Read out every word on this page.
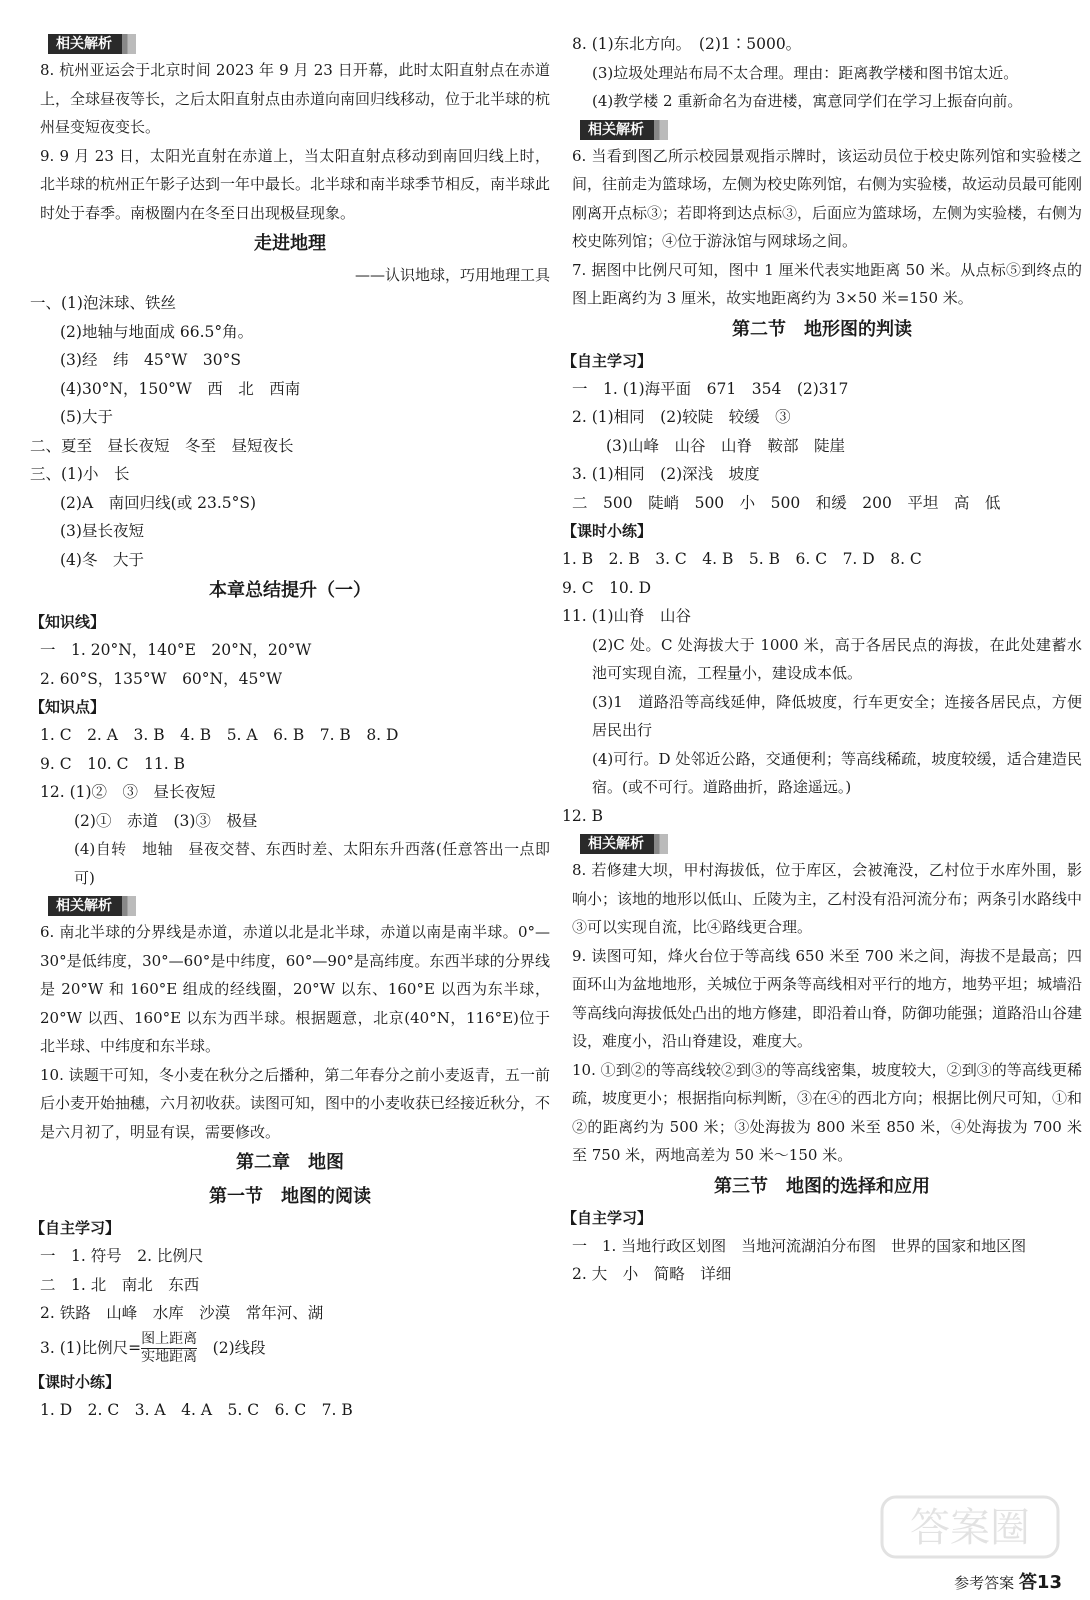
相关解析
8. 杭州亚运会于北京时间 2023 年 9 月 23 日开幕，此时太阳直射点在赤道上，全球昼夜等长，之后太阳直射点由赤道向南回归线移动，位于北半球的杭州昼变短夜变长。
9. 9 月 23 日，太阳光直射在赤道上，当太阳直射点移动到南回归线上时，北半球的杭州正午影子达到一年中最长。北半球和南半球季节相反，南半球此时处于春季。南极圈内在冬至日出现极昼现象。
走进地理
——认识地球，巧用地理工具
一、(1)泡沫球、铁丝
(2)地轴与地面成 66.5°角。
(3)经　纬　45°W　30°S
(4)30°N，150°W　西　北　西南
(5)大于
二、夏至　昼长夜短　冬至　昼短夜长
三、(1)小　长
(2)A　南回归线(或 23.5°S)
(3)昼长夜短
(4)冬　大于
本章总结提升（一）
【知识线】
一　1. 20°N，140°E　20°N，20°W
2. 60°S，135°W　60°N，45°W
【知识点】
1. C　2. A　3. B　4. B　5. A　6. B　7. B　8. D
9. C　10. C　11. B
12. (1)②　③　昼长夜短
(2)①　赤道　(3)③　极昼
(4)自转　地轴　昼夜交替、东西时差、太阳东升西落(任意答出一点即可)
相关解析
6. 南北半球的分界线是赤道，赤道以北是北半球，赤道以南是南半球。0°—30°是低纬度，30°—60°是中纬度，60°—90°是高纬度。东西半球的分界线是 20°W 和 160°E 组成的经线圈，20°W 以东、160°E 以西为东半球，20°W 以西、160°E 以东为西半球。根据题意，北京(40°N，116°E)位于北半球、中纬度和东半球。
10. 读题干可知，冬小麦在秋分之后播种，第二年春分之前小麦返青，五一前后小麦开始抽穗，六月初收获。读图可知，图中的小麦收获已经接近秋分，不是六月初了，明显有误，需要修改。
第二章　地图
第一节　地图的阅读
【自主学习】
一　1. 符号　2. 比例尺
二　1. 北　南北　东西
2. 铁路　山峰　水库　沙漠　常年河、湖
3. (1)比例尺= $\frac{\text{图上距离}}{\text{实地距离}}$ 　(2)线段
【课时小练】
1. D　2. C　3. A　4. A　5. C　6. C　7. B
8. (1)东北方向。　(2)1∶5000。
(3)垃圾处理站布局不太合理。理由：距离教学楼和图书馆太近。
(4)教学楼 2 重新命名为奋进楼，寓意同学们在学习上振奋向前。
相关解析
6. 当看到图乙所示校园景观指示牌时，该运动员位于校史陈列馆和实验楼之间，往前走为篮球场，左侧为校史陈列馆，右侧为实验楼，故运动员最可能刚刚离开点标③；若即将到达点标③，后面应为篮球场，左侧为实验楼，右侧为校史陈列馆；④位于游泳馆与网球场之间。
7. 据图中比例尺可知，图中 1 厘米代表实地距离 50 米。从点标⑤到终点的图上距离约为 3 厘米，故实地距离约为 3×50 米=150 米。
第二节　地形图的判读
【自主学习】
一　1. (1)海平面　671　354　(2)317
2. (1)相同　(2)较陡　较缓　③
(3)山峰　山谷　山脊　鞍部　陡崖
3. (1)相同　(2)深浅　坡度
二　500　陡峭　500　小　500　和缓　200　平坦　高　低
【课时小练】
1. B　2. B　3. C　4. B　5. B　6. C　7. D　8. C
9. C　10. D
11. (1)山脊　山谷
(2)C 处。C 处海拔大于 1000 米，高于各居民点的海拔，在此处建蓄水池可实现自流，工程量小，建设成本低。
(3)1　道路沿等高线延伸，降低坡度，行车更安全；连接各居民点，方便居民出行
(4)可行。D 处邻近公路，交通便利；等高线稀疏，坡度较缓，适合建造民宿。(或不可行。道路曲折，路途遥远。)
12. B
相关解析
8. 若修建大坝，甲村海拔低，位于库区，会被淹没，乙村位于水库外围，影响小；该地的地形以低山、丘陵为主，乙村没有沿河流分布；两条引水路线中③可以实现自流，比④路线更合理。
9. 读图可知，烽火台位于等高线 650 米至 700 米之间，海拔不是最高；四面环山为盆地地形，关城位于两条等高线相对平行的地方，地势平坦；城墙沿等高线向海拔低处凸出的地方修建，即沿着山脊，防御功能强；道路沿山谷建设，难度小，沿山脊建设，难度大。
10. ①到②的等高线较②到③的等高线密集，坡度较大，②到③的等高线更稀疏，坡度更小；根据指向标判断，③在④的西北方向；根据比例尺可知，①和②的距离约为 500 米；③处海拔为 800 米至 850 米，④处海拔为 700 米至 750 米，两地高差为 50 米～150 米。
第三节　地图的选择和应用
【自主学习】
一　1. 当地行政区划图　当地河流湖泊分布图　世界的国家和地区图
2. 大　小　简略　详细
答案圈
参考答案 答13
